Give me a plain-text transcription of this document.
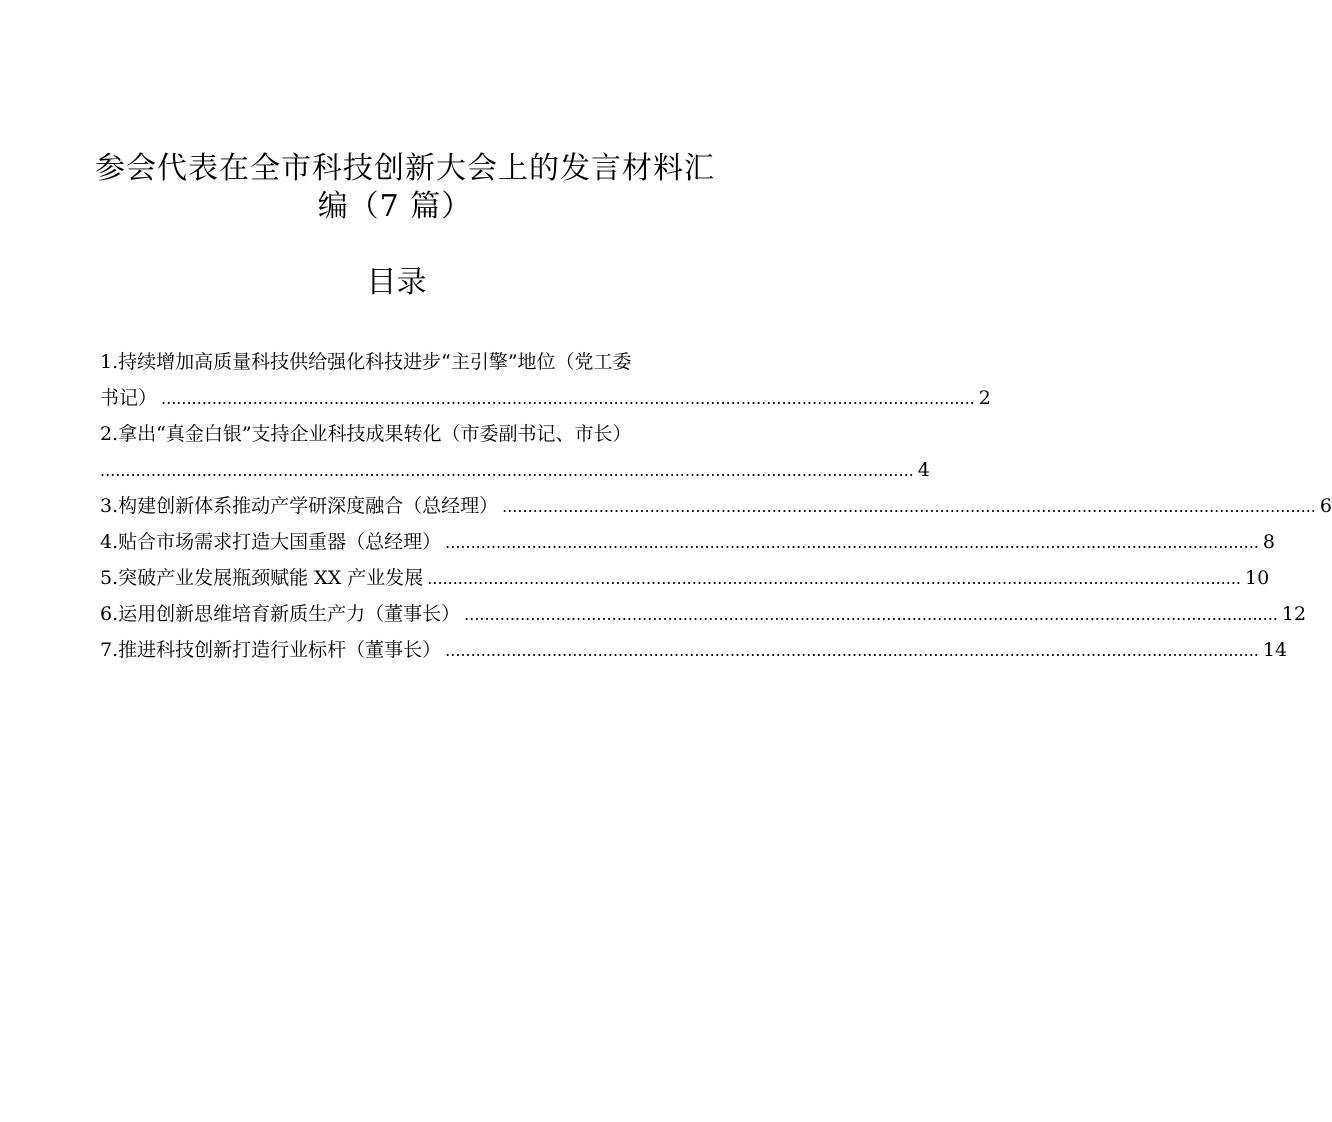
参会代表在全市科技创新大会上的发言材料汇
编（7 篇）
目录
1.持续增加高质量科技供给强化科技进步“主引擎”地位（党工委
书记） ................................................................................................................................................................ 2
2.拿出“真金白银”支持企业科技成果转化（市委副书记、市长）
................................................................................................................................................................ 4
3.构建创新体系推动产学研深度融合（总经理） ................................................................................................................................................................ 6
4.贴合市场需求打造大国重器（总经理） ................................................................................................................................................................ 8
5.突破产业发展瓶颈赋能 XX 产业发展 ................................................................................................................................................................ 10
6.运用创新思维培育新质生产力（董事长） ................................................................................................................................................................ 12
7.推进科技创新打造行业标杆（董事长） ................................................................................................................................................................ 14
